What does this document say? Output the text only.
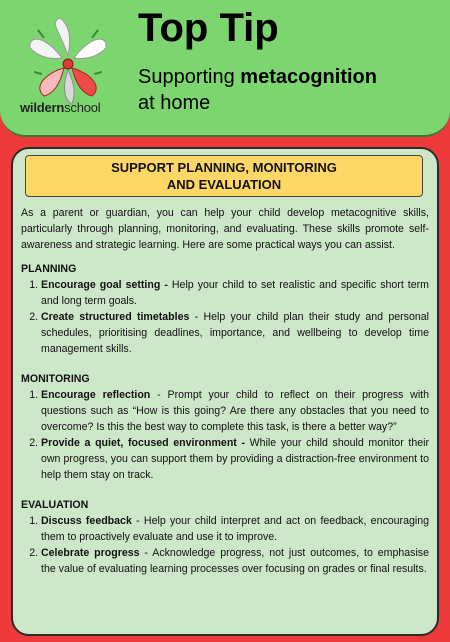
wildernschool
Top Tip
Supporting metacognition
at home
SUPPORT PLANNING, MONITORING
AND EVALUATION

As a parent or guardian, you can help your child develop metacognitive skills, particularly through planning, monitoring, and evaluating. These skills promote self-awareness and strategic learning. Here are some practical ways you can assist.

PLANNING

1. Encourage goal setting - Help your child to set realistic and specific short term and long term goals.
2. Create structured timetables - Help your child plan their study and personal schedules, prioritising deadlines, importance, and wellbeing to develop time management skills.

MONITORING

1. Encourage reflection - Prompt your child to reflect on their progress with questions such as “How is this going? Are there any obstacles that you need to overcome? Is this the best way to complete this task, is there a better way?”
2. Provide a quiet, focused environment - While your child should monitor their own progress, you can support them by providing a distraction-free environment to help them stay on track.

EVALUATION

1. Discuss feedback - Help your child interpret and act on feedback, encouraging them to proactively evaluate and use it to improve.
2. Celebrate progress - Acknowledge progress, not just outcomes, to emphasise the value of evaluating learning processes over focusing on grades or final results.
